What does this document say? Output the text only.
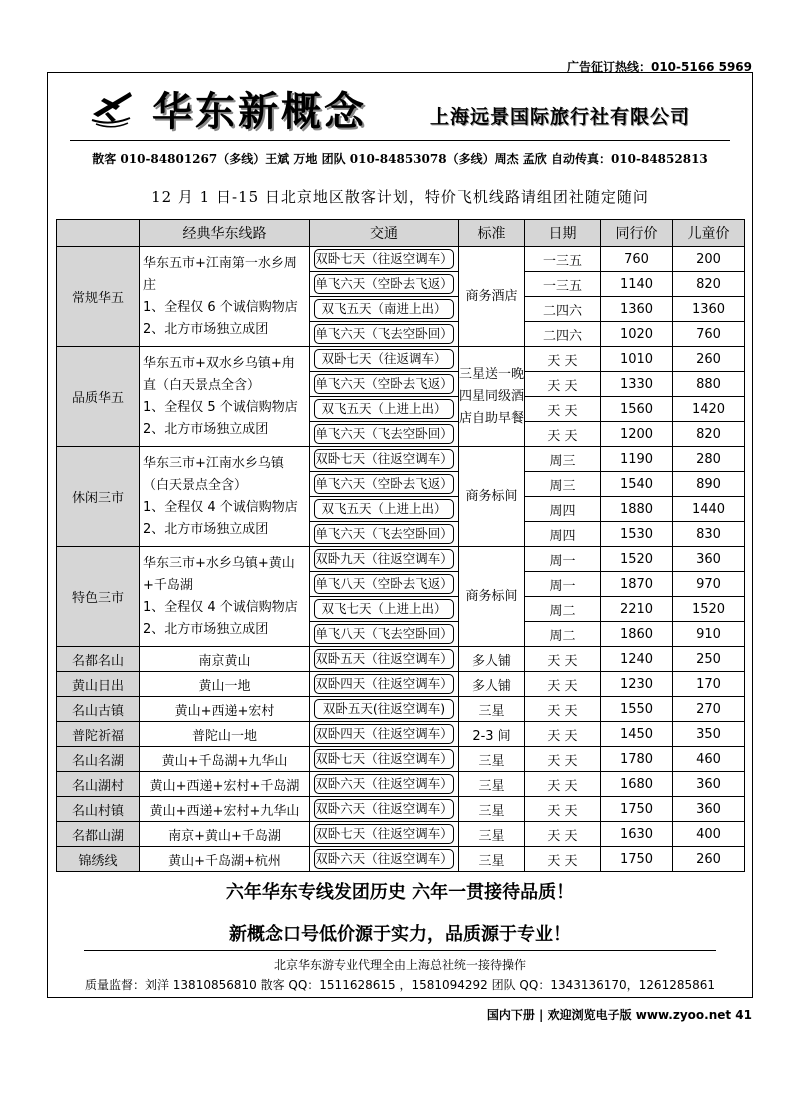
广告征订热线：010-5166 5969
华东新概念	上海远景国际旅行社有限公司
散客 010-84801267（多线）王斌 万地 团队 010-84853078（多线）周杰 孟欣 自动传真：010-84852813
12 月 1 日-15 日北京地区散客计划，特价飞机线路请组团社随定随问
	经典华东线路	交通	标准	日期	同行价	儿童价
常规华五	华东五市+江南第一水乡周庄
1、全程仅 6 个诚信购物店
2、北方市场独立成团	双卧七天（往返空调车）	商务酒店	一三五	760	200

		单飞六天（空卧去飞返）		一三五	1140	820

		双飞五天（南进上出）		二四六	1360	1360

		单飞六天（飞去空卧回）		二四六	1020	760
品质华五	华东五市+双水乡乌镇+甪直（白天景点全含）
1、全程仅 5 个诚信购物店
2、北方市场独立成团	双卧七天（往返调车）	三星送一晚四星同级酒店自助早餐	天 天	1010	260

		单飞六天（空卧去飞返）		天 天	1330	880

		双飞五天（上进上出）		天 天	1560	1420

		单飞六天（飞去空卧回）		天 天	1200	820
休闲三市	华东三市+江南水乡乌镇（白天景点全含）
1、全程仅 4 个诚信购物店
2、北方市场独立成团	双卧七天（往返空调车）	商务标间	周三	1190	280

		单飞六天（空卧去飞返）		周三	1540	890

		双飞五天（上进上出）		周四	1880	1440

		单飞六天（飞去空卧回）		周四	1530	830
特色三市	华东三市+水乡乌镇+黄山+千岛湖
1、全程仅 4 个诚信购物店
2、北方市场独立成团	双卧九天（往返空调车）	商务标间	周一	1520	360

		单飞八天（空卧去飞返）		周一	1870	970

		双飞七天（上进上出）		周二	2210	1520

		单飞八天（飞去空卧回）		周二	1860	910
名都名山	南京黄山	双卧五天（往返空调车）	多人铺	天 天	1240	250
黄山日出	黄山一地	双卧四天（往返空调车）	多人铺	天 天	1230	170
名山古镇	黄山+西递+宏村	双卧五天(往返空调车)	三星	天 天	1550	270
普陀祈福	普陀山一地	双卧四天（往返空调车）	2-3 间	天 天	1450	350
名山名湖	黄山+千岛湖+九华山	双卧七天（往返空调车）	三星	天 天	1780	460
名山湖村	黄山+西递+宏村+千岛湖	双卧六天（往返空调车）	三星	天 天	1680	360
名山村镇	黄山+西递+宏村+九华山	双卧六天（往返空调车）	三星	天 天	1750	360
名都山湖	南京+黄山+千岛湖	双卧七天（往返空调车）	三星	天 天	1630	400
锦绣线	黄山+千岛湖+杭州	双卧六天（往返空调车）	三星	天 天	1750	260
六年华东专线发团历史 六年一贯接待品质！
新概念口号低价源于实力，品质源于专业！
北京华东游专业代理全由上海总社统一接待操作
质量监督：刘洋 13810856810 散客 QQ：1511628615 ，1581094292 团队 QQ：1343136170，1261285861
国内下册 | 欢迎浏览电子版 www.zyoo.net 41
